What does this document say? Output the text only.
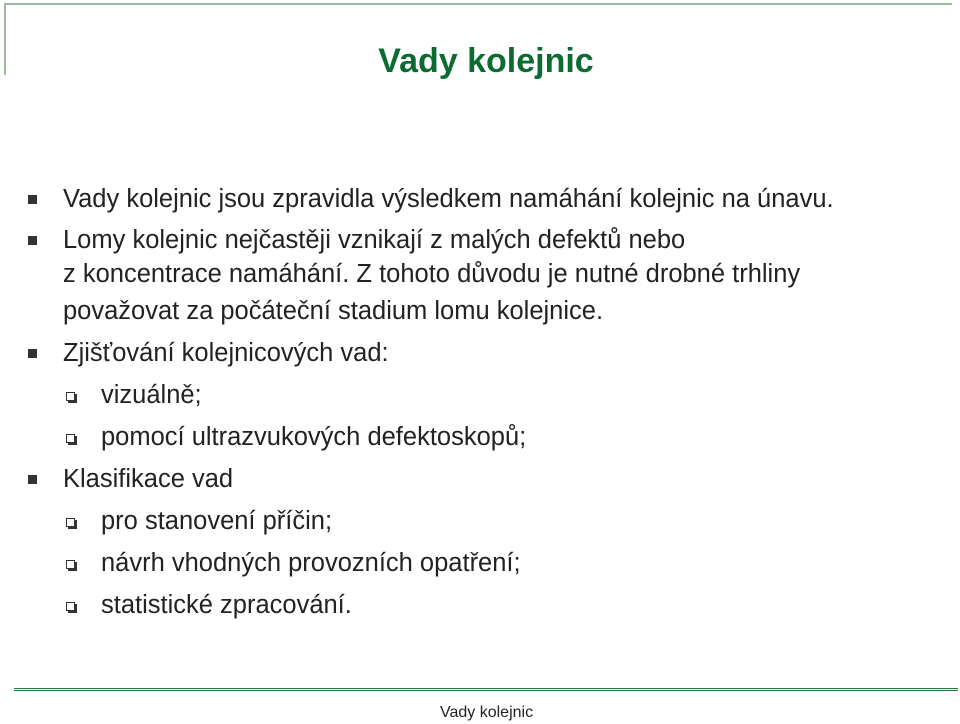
Vady kolejnic
Vady kolejnic jsou zpravidla výsledkem namáhání kolejnic na únavu.
Lomy kolejnic nejčastěji vznikají z malých defektů nebo
z koncentrace namáhání. Z tohoto důvodu je nutné drobné trhliny
považovat za počáteční stadium lomu kolejnice.
Zjišťování kolejnicových vad:
vizuálně;
pomocí ultrazvukových defektoskopů;
Klasifikace vad
pro stanovení příčin;
návrh vhodných provozních opatření;
statistické zpracování.
Vady kolejnic
